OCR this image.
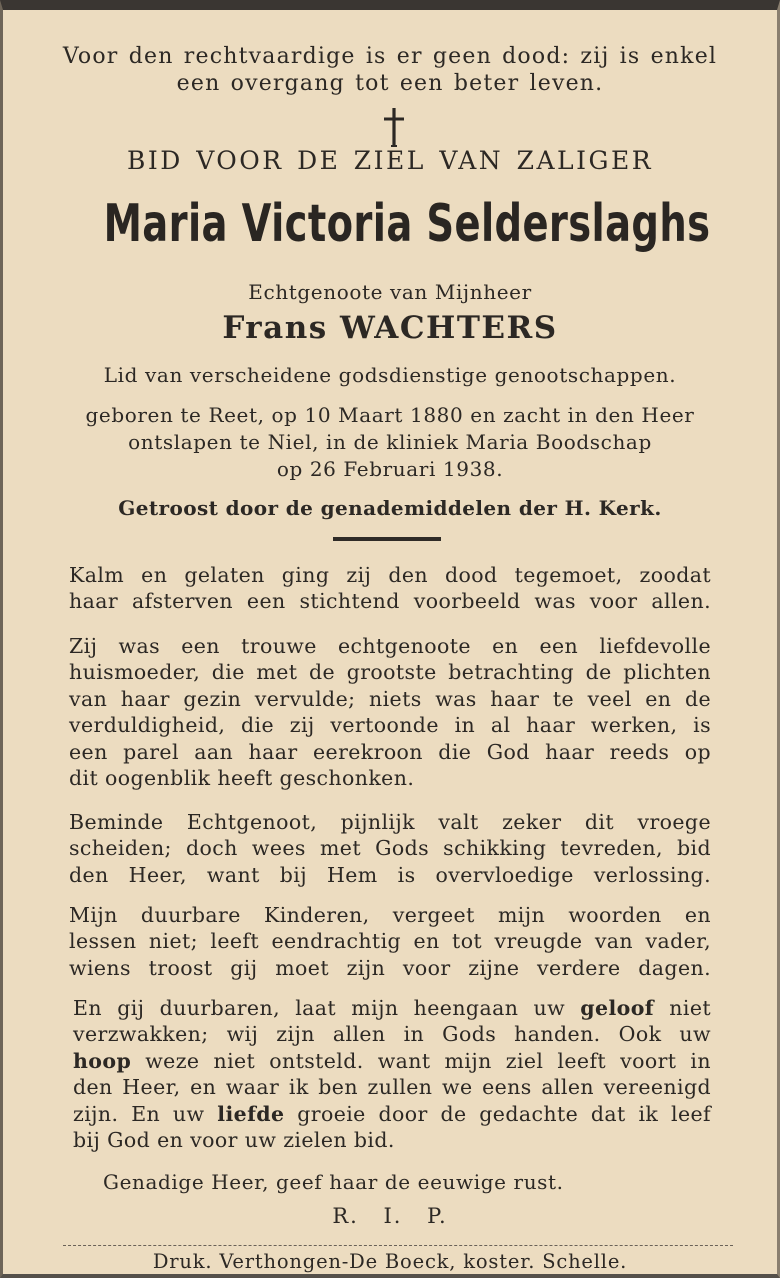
Voor den rechtvaardige is er geen dood: zij is enkel
een overgang tot een beter leven.
BID VOOR DE ZIEL VAN ZALIGER
Maria Victoria Selderslaghs
Echtgenoote van Mijnheer
Frans WACHTERS
Lid van verscheidene godsdienstige genootschappen.
geboren te Reet, op 10 Maart 1880 en zacht in den Heer
ontslapen te Niel, in de kliniek Maria Boodschap
op 26 Februari 1938.
Getroost door de genademiddelen der H. Kerk.
Kalm en gelaten ging zij den dood tegemoet, zoodat
haar afsterven een stichtend voorbeeld was voor allen.
Zij was een trouwe echtgenoote en een liefdevolle
huismoeder, die met de grootste betrachting de plichten
van haar gezin vervulde; niets was haar te veel en de
verduldigheid, die zij vertoonde in al haar werken, is
een parel aan haar eerekroon die God haar reeds op
dit oogenblik heeft geschonken.
Beminde Echtgenoot, pijnlijk valt zeker dit vroege
scheiden; doch wees met Gods schikking tevreden, bid
den Heer, want bij Hem is overvloedige verlossing.
Mijn duurbare Kinderen, vergeet mijn woorden en
lessen niet; leeft eendrachtig en tot vreugde van vader,
wiens troost gij moet zijn voor zijne verdere dagen.
En gij duurbaren, laat mijn heengaan uw geloof niet
verzwakken; wij zijn allen in Gods handen. Ook uw
hoop weze niet ontsteld. want mijn ziel leeft voort in
den Heer, en waar ik ben zullen we eens allen vereenigd
zijn. En uw liefde groeie door de gedachte dat ik leef
bij God en voor uw zielen bid.
Genadige Heer, geef haar de eeuwige rust.
R. I. P.
Druk. Verthongen-De Boeck, koster. Schelle.
